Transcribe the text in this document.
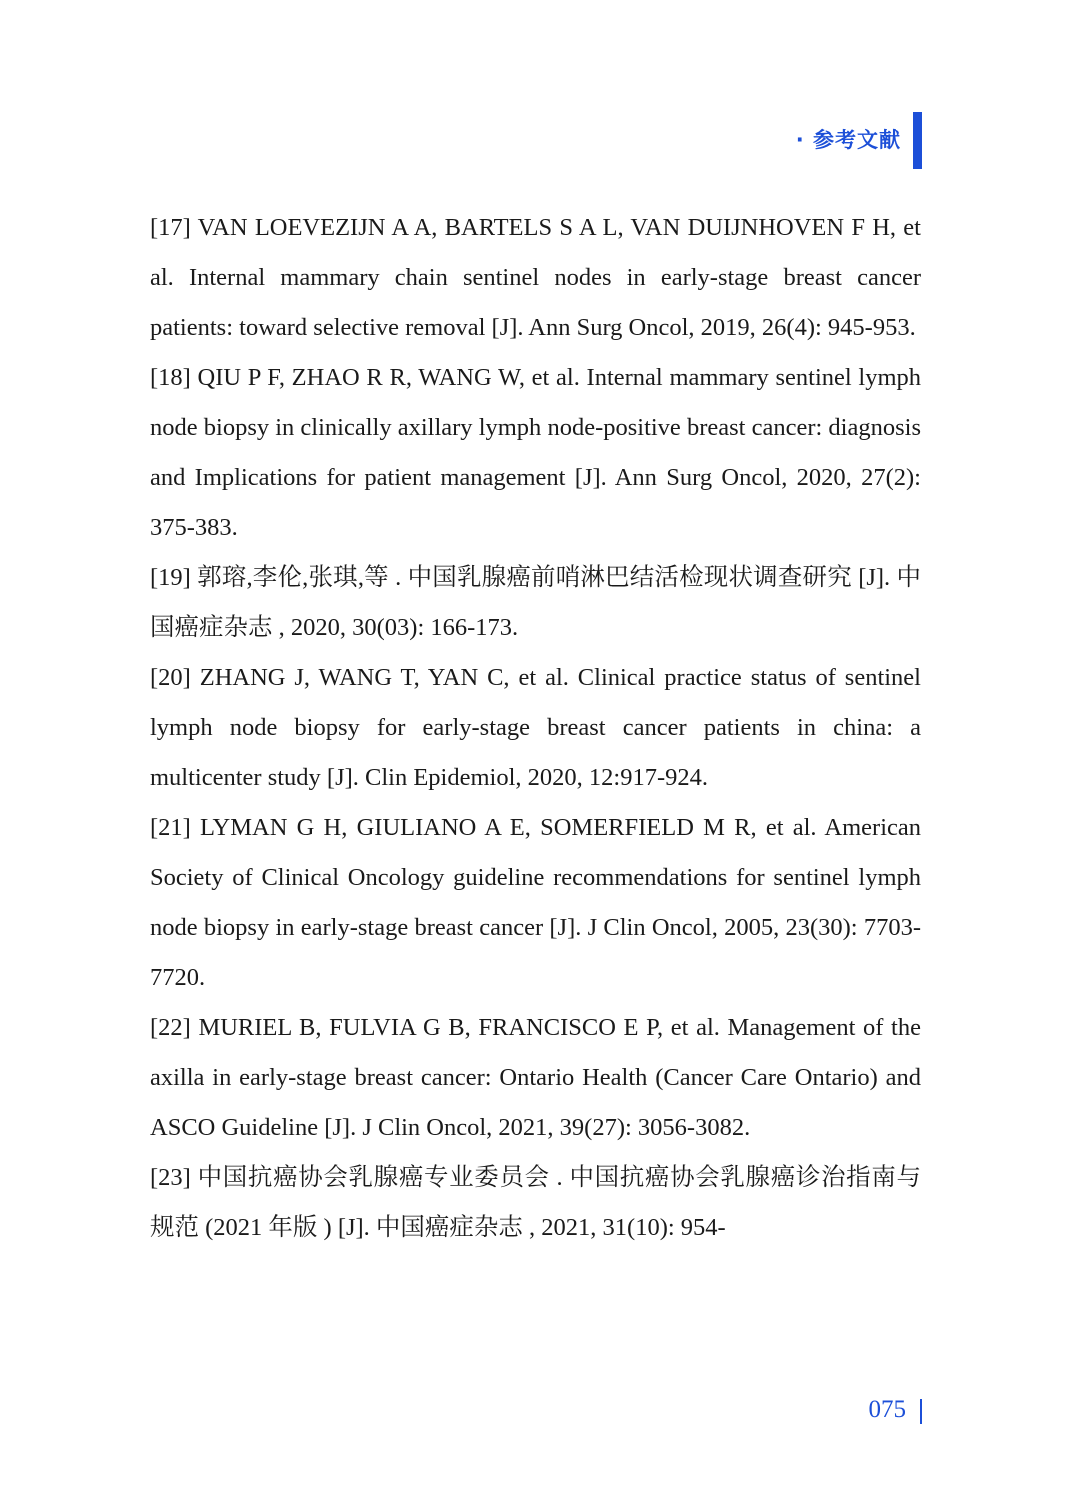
· 参考文献

[17] VAN LOEVEZIJN A A, BARTELS S A L, VAN DUIJNHOVEN F H, et al. Internal mammary chain sentinel nodes in early-stage breast cancer patients: toward selective removal [J]. Ann Surg Oncol, 2019, 26(4): 945-953.

[18] QIU P F, ZHAO R R, WANG W, et al. Internal mammary sentinel lymph node biopsy in clinically axillary lymph node-positive breast cancer: diagnosis and Implications for patient management [J]. Ann Surg Oncol, 2020, 27(2): 375-383.

[19] 郭瑢,李伦,张琪,等 . 中国乳腺癌前哨淋巴结活检现状调查研究 [J]. 中国癌症杂志 , 2020, 30(03): 166-173.

[20] ZHANG J, WANG T, YAN C, et al. Clinical practice status of sentinel lymph node biopsy for early-stage breast cancer patients in china: a multicenter study [J]. Clin Epidemiol, 2020, 12:917-924.

[21] LYMAN G H, GIULIANO A E, SOMERFIELD M R, et al. American Society of Clinical Oncology guideline recommendations for sentinel lymph node biopsy in early-stage breast cancer [J]. J Clin Oncol, 2005, 23(30): 7703-7720.

[22] MURIEL B, FULVIA G B, FRANCISCO E P, et al. Management of the axilla in early-stage breast cancer: Ontario Health (Cancer Care Ontario) and ASCO Guideline [J]. J Clin Oncol, 2021, 39(27): 3056-3082.

[23] 中国抗癌协会乳腺癌专业委员会 . 中国抗癌协会乳腺癌诊治指南与规范 (2021 年版 ) [J]. 中国癌症杂志 , 2021, 31(10): 954-

075
